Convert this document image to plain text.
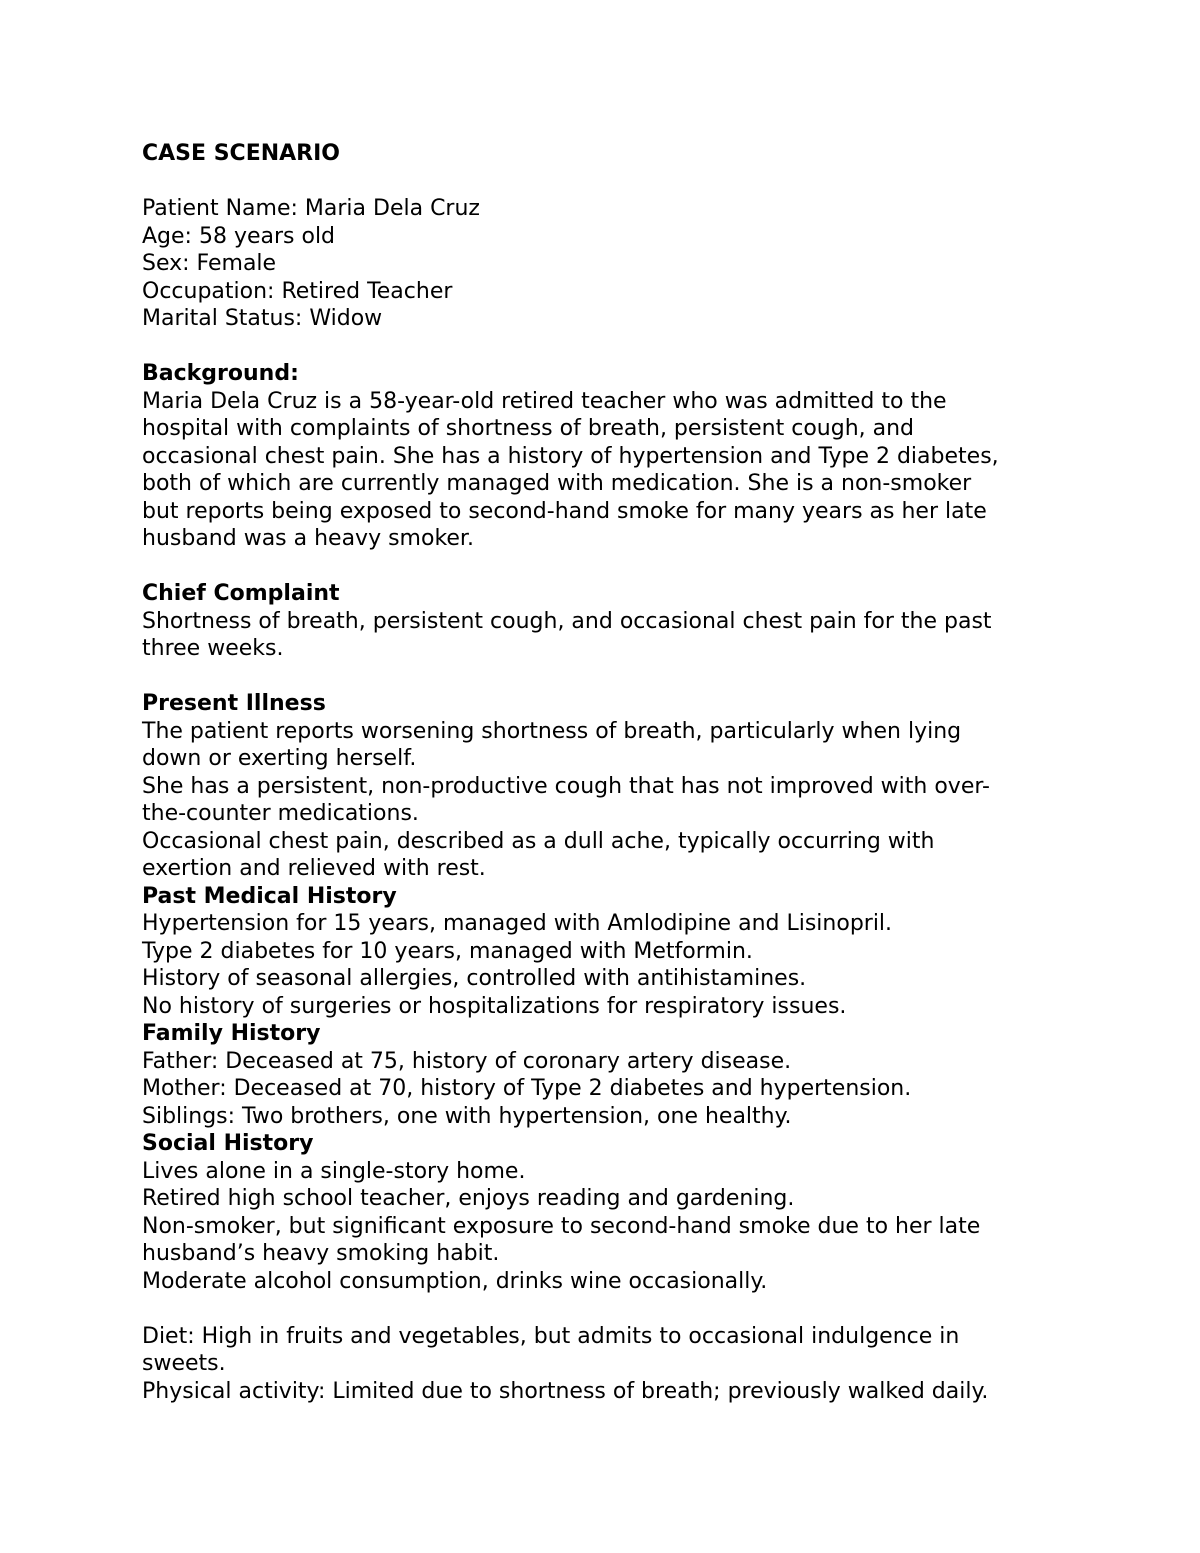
CASE SCENARIO
Patient Name: Maria Dela Cruz
Age: 58 years old
Sex: Female
Occupation: Retired Teacher
Marital Status: Widow
Background:
Maria Dela Cruz is a 58-year-old retired teacher who was admitted to the
hospital with complaints of shortness of breath, persistent cough, and
occasional chest pain. She has a history of hypertension and Type 2 diabetes,
both of which are currently managed with medication. She is a non-smoker
but reports being exposed to second-hand smoke for many years as her late
husband was a heavy smoker.
Chief Complaint
Shortness of breath, persistent cough, and occasional chest pain for the past
three weeks.
Present Illness
The patient reports worsening shortness of breath, particularly when lying
down or exerting herself.
She has a persistent, non-productive cough that has not improved with over-
the-counter medications.
Occasional chest pain, described as a dull ache, typically occurring with
exertion and relieved with rest.
Past Medical History
Hypertension for 15 years, managed with Amlodipine and Lisinopril.
Type 2 diabetes for 10 years, managed with Metformin.
History of seasonal allergies, controlled with antihistamines.
No history of surgeries or hospitalizations for respiratory issues.
Family History
Father: Deceased at 75, history of coronary artery disease.
Mother: Deceased at 70, history of Type 2 diabetes and hypertension.
Siblings: Two brothers, one with hypertension, one healthy.
Social History
Lives alone in a single-story home.
Retired high school teacher, enjoys reading and gardening.
Non-smoker, but significant exposure to second-hand smoke due to her late
husband’s heavy smoking habit.
Moderate alcohol consumption, drinks wine occasionally.
Diet: High in fruits and vegetables, but admits to occasional indulgence in
sweets.
Physical activity: Limited due to shortness of breath; previously walked daily.
